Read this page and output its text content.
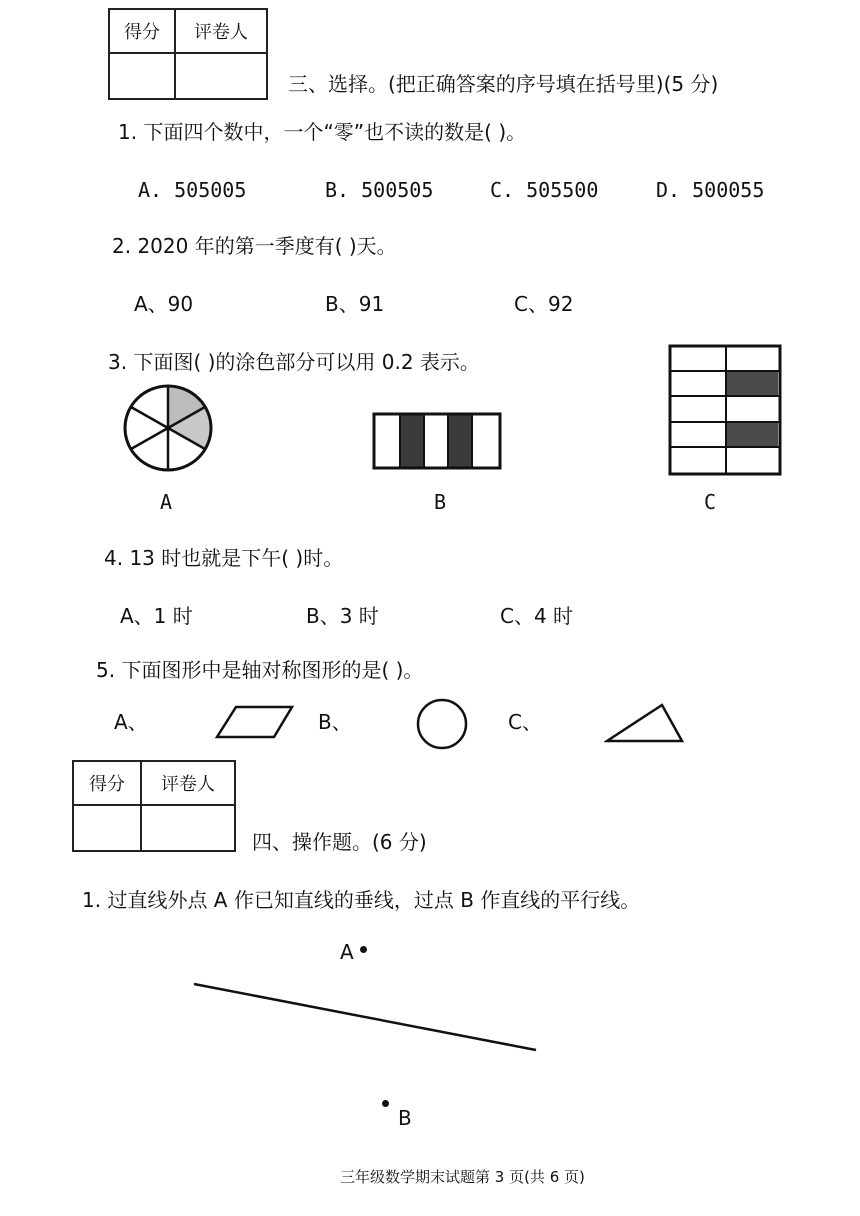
得分	评卷人

三、选择。(把正确答案的序号填在括号里)(5 分)
1. 下面四个数中，一个“零”也不读的数是( )。
A. 505005	B. 500505	C. 505500	D. 500055
2. 2020 年的第一季度有( )天。
A、90	B、91	C、92
3. 下面图( )的涂色部分可以用 0.2 表示。
A	B	C
4. 13 时也就是下午( )时。
A、1 时	B、3 时	C、4 时
5. 下面图形中是轴对称图形的是( )。
A、	B、	C、
得分	评卷人

四、操作题。(6 分)
1. 过直线外点 A 作已知直线的垂线，过点 B 作直线的平行线。
A
B
三年级数学期末试题第 3 页(共 6 页)
